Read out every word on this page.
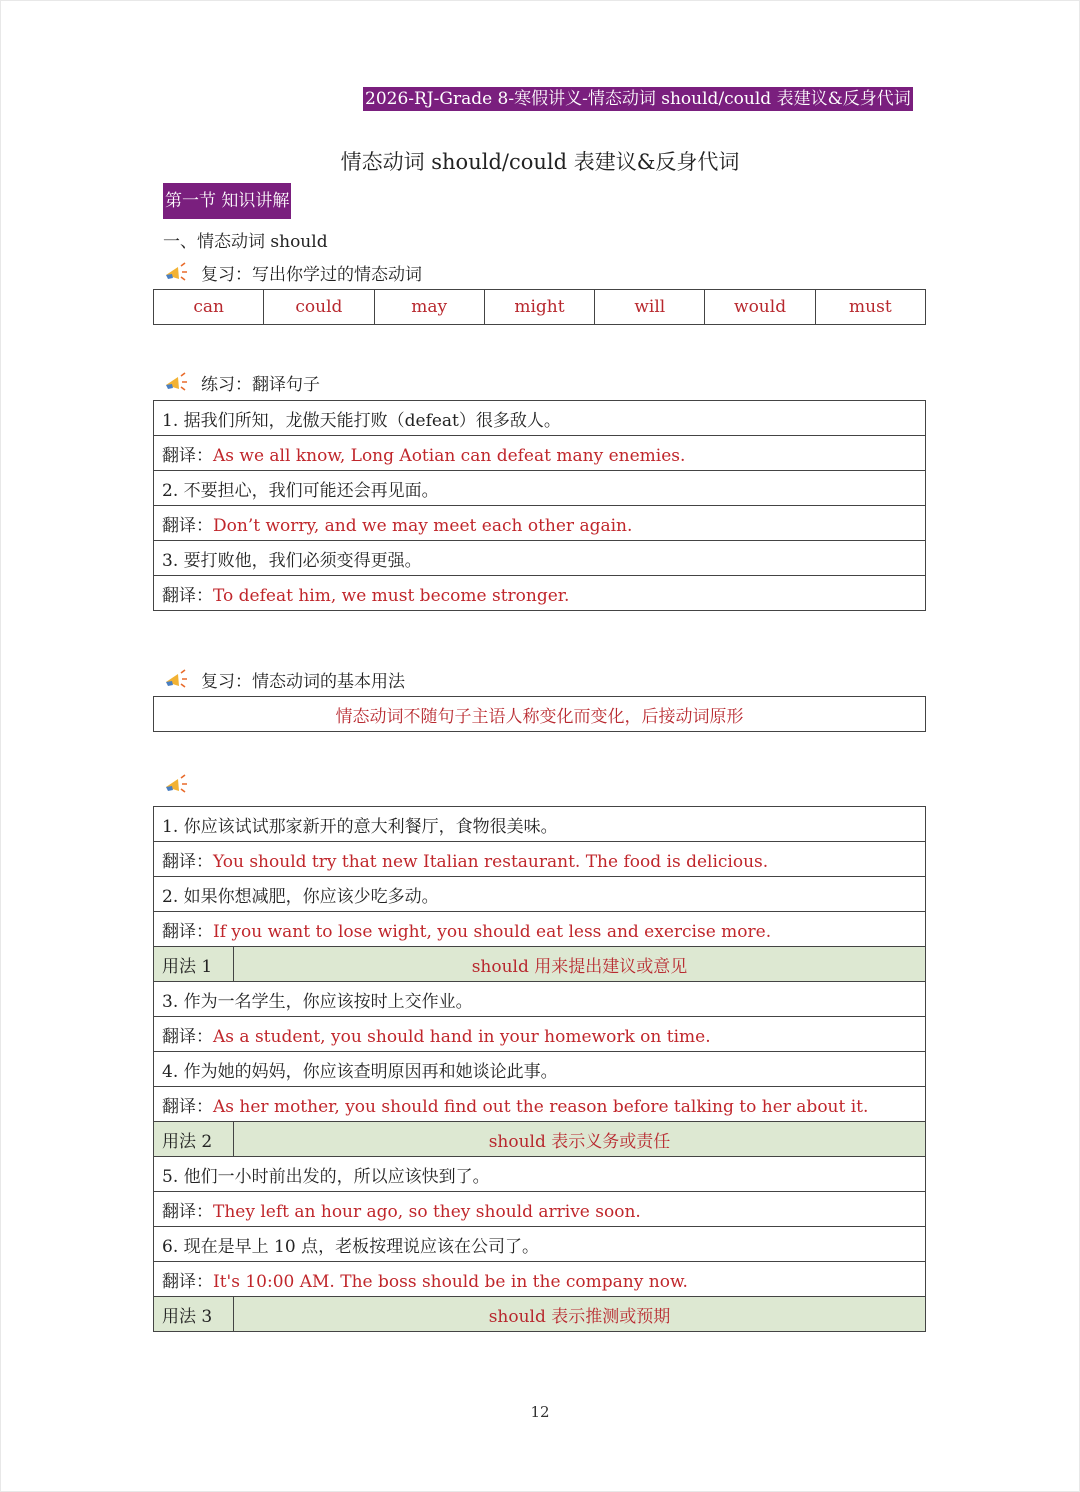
2026-RJ-Grade 8-寒假讲义-情态动词 should/could 表建议&反身代词
情态动词 should/could 表建议&反身代词
第一节 知识讲解
一、情态动词 should
复习：写出你学过的情态动词
can	could	may	might	will	would	must
练习：翻译句子
1. 据我们所知，龙傲天能打败（defeat）很多敌人。
翻译：As we all know, Long Aotian can defeat many enemies.
2. 不要担心，我们可能还会再见面。
翻译：Don’t worry, and we may meet each other again.
3. 要打败他，我们必须变得更强。
翻译：To defeat him, we must become stronger.
复习：情态动词的基本用法
情态动词不随句子主语人称变化而变化，后接动词原形
1. 你应该试试那家新开的意大利餐厅，食物很美味。	
翻译：You should try that new Italian restaurant. The food is delicious.	
2. 如果你想减肥，你应该少吃多动。	
翻译：If you want to lose wight, you should eat less and exercise more.	
用法 1	should 用来提出建议或意见
3. 作为一名学生，你应该按时上交作业。	
翻译：As a student, you should hand in your homework on time.	
4. 作为她的妈妈，你应该查明原因再和她谈论此事。	
翻译：As her mother, you should find out the reason before talking to her about it.	
用法 2	should 表示义务或责任
5. 他们一小时前出发的，所以应该快到了。	
翻译：They left an hour ago, so they should arrive soon.	
6. 现在是早上 10 点，老板按理说应该在公司了。	
翻译：It's 10:00 AM. The boss should be in the company now.	
用法 3	should 表示推测或预期
12
